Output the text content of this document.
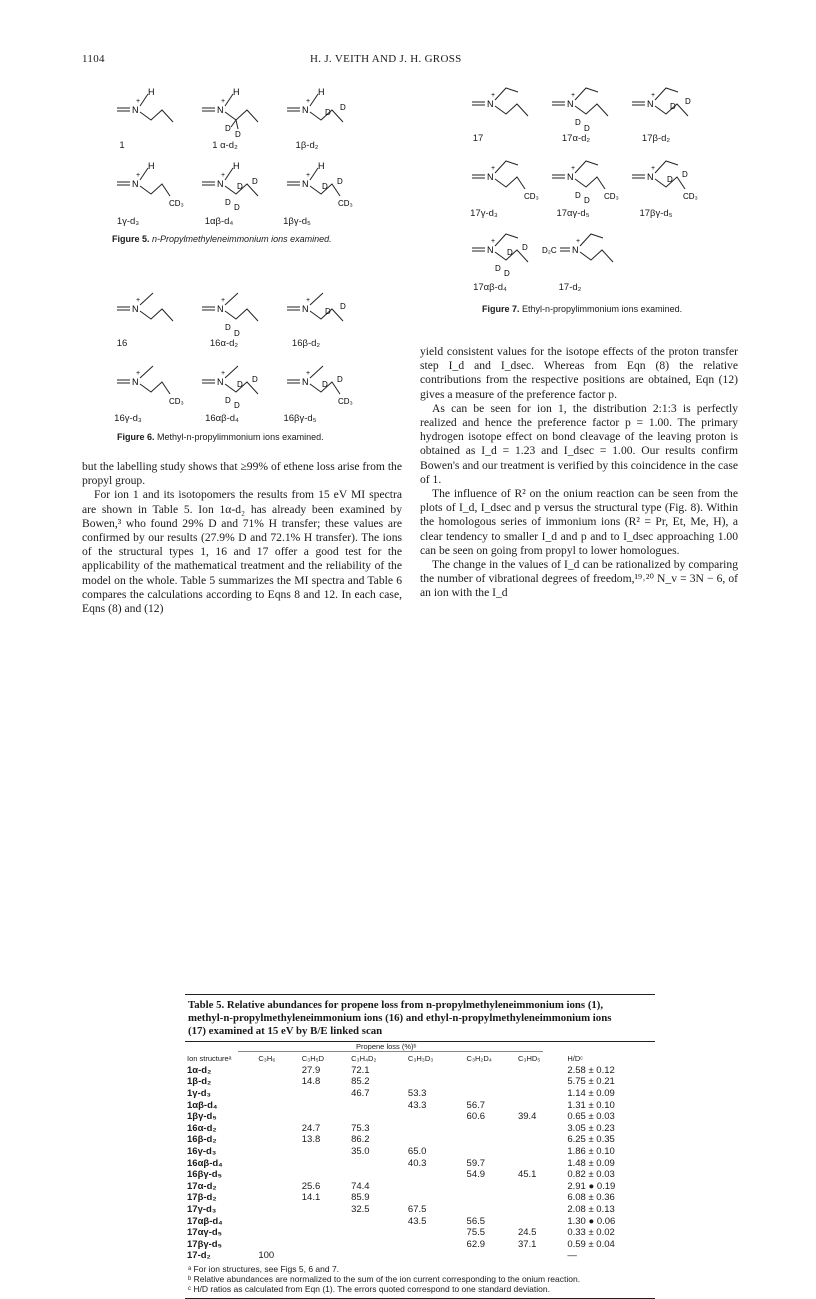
1104	H. J. VEITH AND J. H. GROSS
N
+
H
N
+
H
D
D
N
+
H
D
D
1	1 α-d₂	1β-d₂
N
+
H
CD₃
N
+
H
D
D
D
D
N
+
H
D
D
CD₃
1γ-d₃	1αβ-d₄	1βγ-d₅
Figure 5. n-Propylmethyleneimmonium ions examined.
N
+
N
+
D
D
N
+
D
D
16	16α-d₂	16β-d₂
N
+
CD₃
N
+
D
D
D
D
N
+
D
D
CD₃
16γ-d₃	16αβ-d₄	16βγ-d₅
Figure 6. Methyl-n-propylimmonium ions examined.
N
+
N
+
D
D
N
+
D
D
17	17α-d₂	17β-d₂
N
+
CD₃
N
+
D
D CD₃
N
+
D
D
CD₃
17γ-d₃	17αγ-d₅	17βγ-d₅
N
+
D
D
D
D
D₂C N
+
17αβ-d₄	17-d₂
Figure 7. Ethyl-n-propylimmonium ions examined.

but the labelling study shows that ≥99% of ethene loss arise from the propyl group.

For ion 1 and its isotopomers the results from 15 eV MI spectra are shown in Table 5. Ion 1α-d₂ has already been examined by Bowen,³ who found 29% D and 71% H transfer; these values are confirmed by our results (27.9% D and 72.1% H transfer). The ions of the structural types 1, 16 and 17 offer a good test for the applicability of the mathematical treatment and the reliability of the model on the whole. Table 5 summarizes the MI spectra and Table 6 compares the calculations according to Eqns 8 and 12. In each case, Eqns (8) and (12)

yield consistent values for the isotope effects of the proton transfer step I_d and I_dsec. Whereas from Eqn (8) the relative contributions from the respective positions are obtained, Eqn (12) gives a measure of the preference factor p.

As can be seen for ion 1, the distribution 2:1:3 is perfectly realized and hence the preference factor p = 1.00. The primary hydrogen isotope effect on bond cleavage of the leaving proton is obtained as I_d = 1.23 and I_dsec = 1.00. Our results confirm Bowen's and our treatment is verified by this coincidence in the case of 1.

The influence of R² on the onium reaction can be seen from the plots of I_d, I_dsec and p versus the structural type (Fig. 8). Within the homologous series of immonium ions (R² = Pr, Et, Me, H), a clear tendency to smaller I_d and p and to I_dsec approaching 1.00 can be seen on going from propyl to lower homologues.

The change in the values of I_d can be rationalized by comparing the number of vibrational degrees of freedom,¹⁹˒²⁰ N_v = 3N − 6, of an ion with the I_d

Table 5. Relative abundances for propene loss from n-propylmethyleneimmonium ions (1), methyl-n-propylmethyleneimmonium ions (16) and ethyl-n-propylmethyleneimmonium ions (17) examined at 15 eV by B/E linked scan
Propene loss (%)ᵇ
Ion structureᵃ	C₃H₆	C₃H₅D	C₃H₄D₂	C₃H₃D₃	C₃H₂D₄	C₃HD₅	H/Dᶜ
1α-d₂		27.9	72.1				2.58 ± 0.12
1β-d₂		14.8	85.2				5.75 ± 0.21
1γ-d₃			46.7	53.3			1.14 ± 0.09
1αβ-d₄				43.3	56.7		1.31 ± 0.10
1βγ-d₅					60.6	39.4	0.65 ± 0.03
16α-d₂		24.7	75.3				3.05 ± 0.23
16β-d₂		13.8	86.2				6.25 ± 0.35
16γ-d₃			35.0	65.0			1.86 ± 0.10
16αβ-d₄				40.3	59.7		1.48 ± 0.09
16βγ-d₅					54.9	45.1	0.82 ± 0.03
17α-d₂		25.6	74.4				2.91 ● 0.19
17β-d₂		14.1	85.9				6.08 ± 0.36
17γ-d₃			32.5	67.5			2.08 ± 0.13
17αβ-d₄				43.5	56.5		1.30 ● 0.06
17αγ-d₅					75.5	24.5	0.33 ± 0.02
17βγ-d₅					62.9	37.1	0.59 ± 0.04
17-d₂	100						—
ᵃ For ion structures, see Figs 5, 6 and 7.
ᵇ Relative abundances are normalized to the sum of the ion current corresponding to the onium reaction.
ᶜ H/D ratios as calculated from Eqn (1). The errors quoted correspond to one standard deviation.
